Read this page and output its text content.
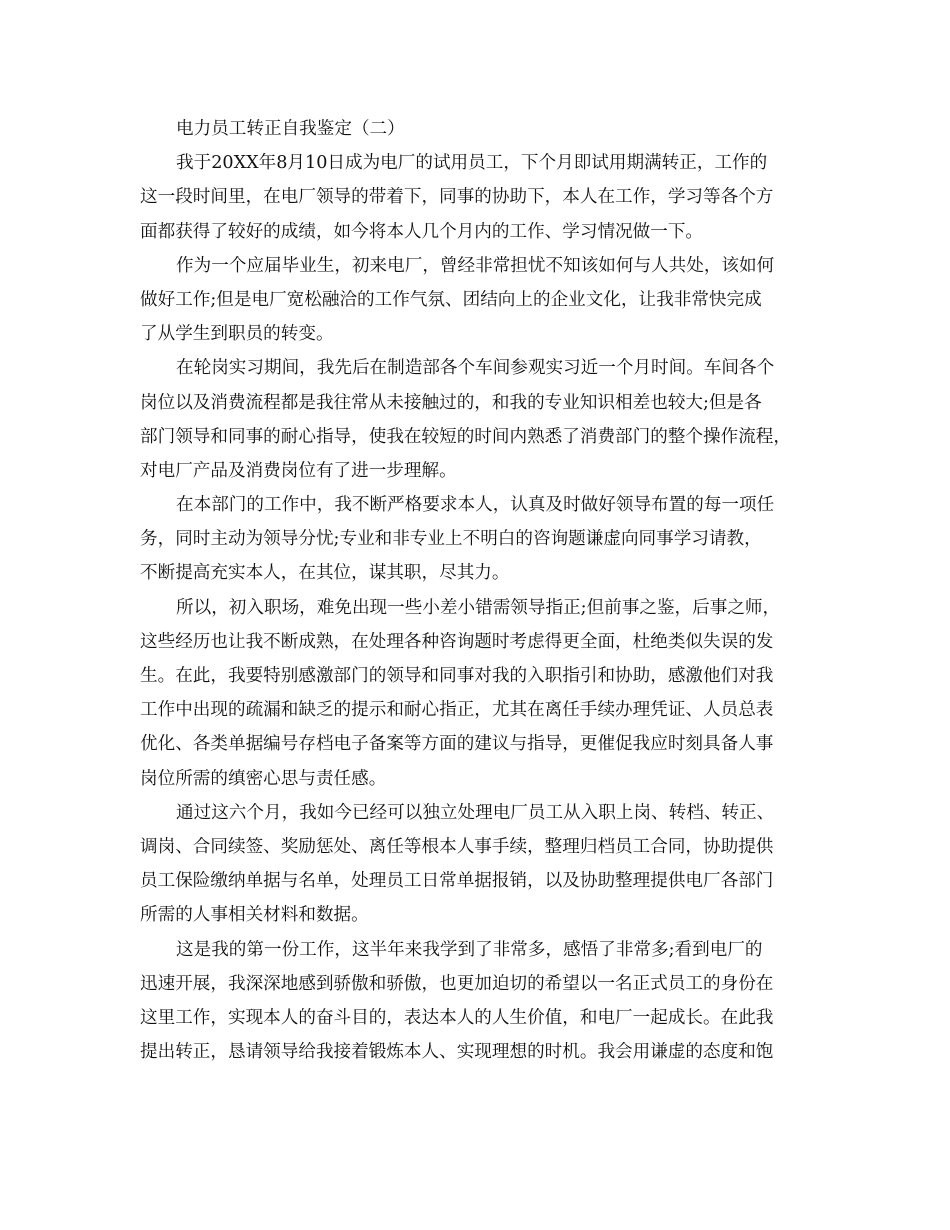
电力员工转正自我鉴定（二）
我于20XX年8月10日成为电厂的试用员工，下个月即试用期满转正，工作的
这一段时间里，在电厂领导的带着下，同事的协助下，本人在工作，学习等各个方
面都获得了较好的成绩，如今将本人几个月内的工作、学习情况做一下。
作为一个应届毕业生，初来电厂，曾经非常担忧不知该如何与人共处，该如何
做好工作;但是电厂宽松融洽的工作气氛、团结向上的企业文化，让我非常快完成
了从学生到职员的转变。
在轮岗实习期间，我先后在制造部各个车间参观实习近一个月时间。车间各个
岗位以及消费流程都是我往常从未接触过的，和我的专业知识相差也较大;但是各
部门领导和同事的耐心指导，使我在较短的时间内熟悉了消费部门的整个操作流程，
对电厂产品及消费岗位有了进一步理解。
在本部门的工作中，我不断严格要求本人，认真及时做好领导布置的每一项任
务，同时主动为领导分忧;专业和非专业上不明白的咨询题谦虚向同事学习请教，
不断提高充实本人，在其位，谋其职，尽其力。
所以，初入职场，难免出现一些小差小错需领导指正;但前事之鉴，后事之师，
这些经历也让我不断成熟，在处理各种咨询题时考虑得更全面，杜绝类似失误的发
生。在此，我要特别感激部门的领导和同事对我的入职指引和协助，感激他们对我
工作中出现的疏漏和缺乏的提示和耐心指正，尤其在离任手续办理凭证、人员总表
优化、各类单据编号存档电子备案等方面的建议与指导，更催促我应时刻具备人事
岗位所需的缜密心思与责任感。
通过这六个月，我如今已经可以独立处理电厂员工从入职上岗、转档、转正、
调岗、合同续签、奖励惩处、离任等根本人事手续，整理归档员工合同，协助提供
员工保险缴纳单据与名单，处理员工日常单据报销，以及协助整理提供电厂各部门
所需的人事相关材料和数据。
这是我的第一份工作，这半年来我学到了非常多，感悟了非常多;看到电厂的
迅速开展，我深深地感到骄傲和骄傲，也更加迫切的希望以一名正式员工的身份在
这里工作，实现本人的奋斗目的，表达本人的人生价值，和电厂一起成长。在此我
提出转正，恳请领导给我接着锻炼本人、实现理想的时机。我会用谦虚的态度和饱
